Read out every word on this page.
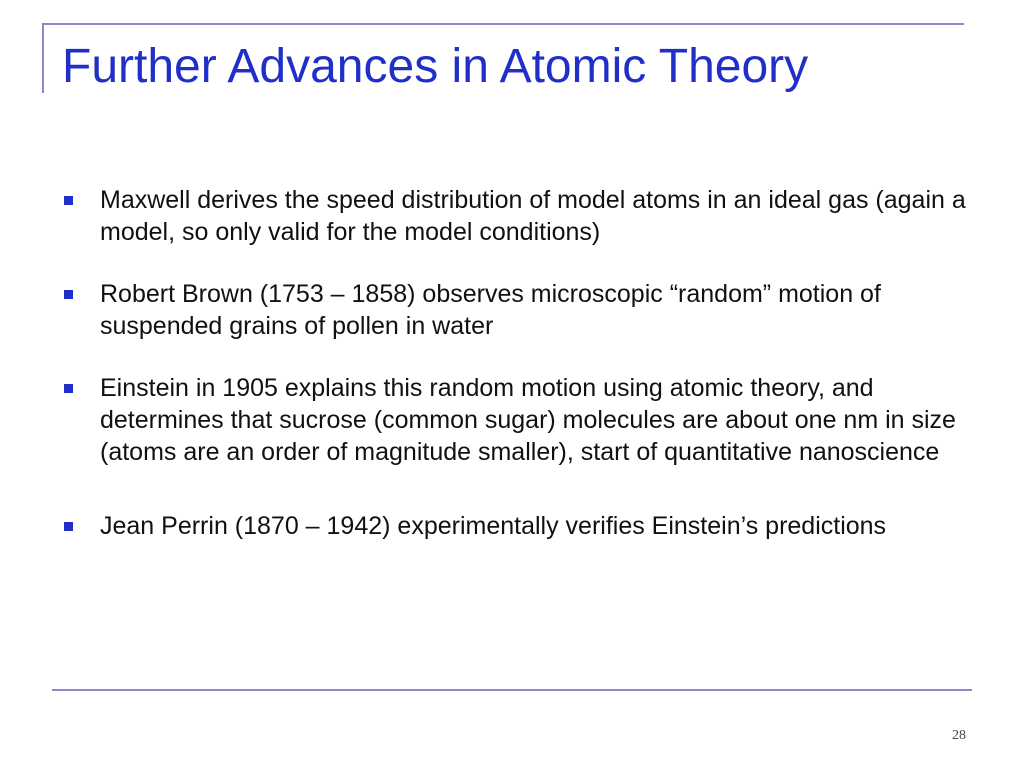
Further Advances in Atomic Theory
Maxwell derives the speed distribution of model atoms in an ideal gas (again a model, so only valid for the model conditions)
Robert Brown (1753 – 1858) observes microscopic “random” motion of suspended grains of pollen in water
Einstein in 1905 explains this random motion using atomic theory, and determines that sucrose (common sugar) molecules are about one nm in size (atoms are an order of magnitude smaller), start of quantitative nanoscience
Jean Perrin (1870 – 1942) experimentally verifies Einstein’s predictions
28
